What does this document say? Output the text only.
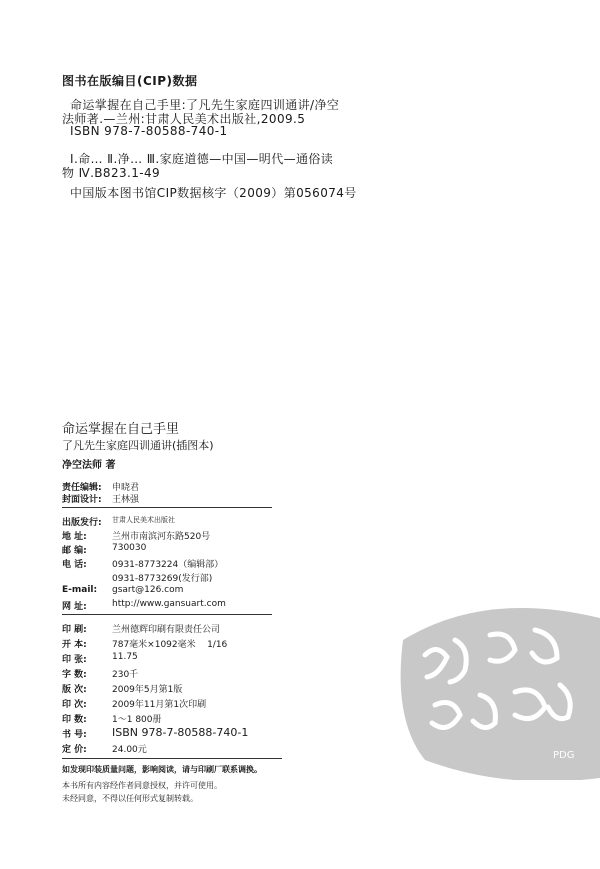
图书在版编目(CIP)数据
命运掌握在自己手里:了凡先生家庭四训通讲/净空
法师著.—兰州:甘肃人民美术出版社,2009.5
ISBN 978-7-80588-740-1
Ⅰ.命… Ⅱ.净… Ⅲ.家庭道德—中国—明代—通俗读
物 Ⅳ.B823.1-49
中国版本图书馆CIP数据核字（2009）第056074号
命运掌握在自己手里
了凡先生家庭四训通讲(插图本)
净空法师 著
责任编辑: 申晓君
封面设计: 王林强
出版发行: 甘肃人民美术出版社
地 址:	兰州市南滨河东路520号
邮 编:	730030
电 话:	0931-8773224（编辑部）
0931-8773269(发行部)
E-mail: gsart@126.com
网 址:	http://www.gansuart.com
印 刷:	兰州德辉印刷有限责任公司
开 本:	787毫米×1092毫米    1/16
印 张:	11.75
字 数:	230千
版 次:	2009年5月第1版
印 次:	2009年11月第1次印刷
印 数:	1～1 800册
书 号: ISBN 978-7-80588-740-1
定 价:	24.00元
如发现印装质量问题，影响阅读，请与印刷厂联系调换。
本书所有内容经作者同意授权，并许可使用。
未经同意，不得以任何形式复制转载。
PDG
